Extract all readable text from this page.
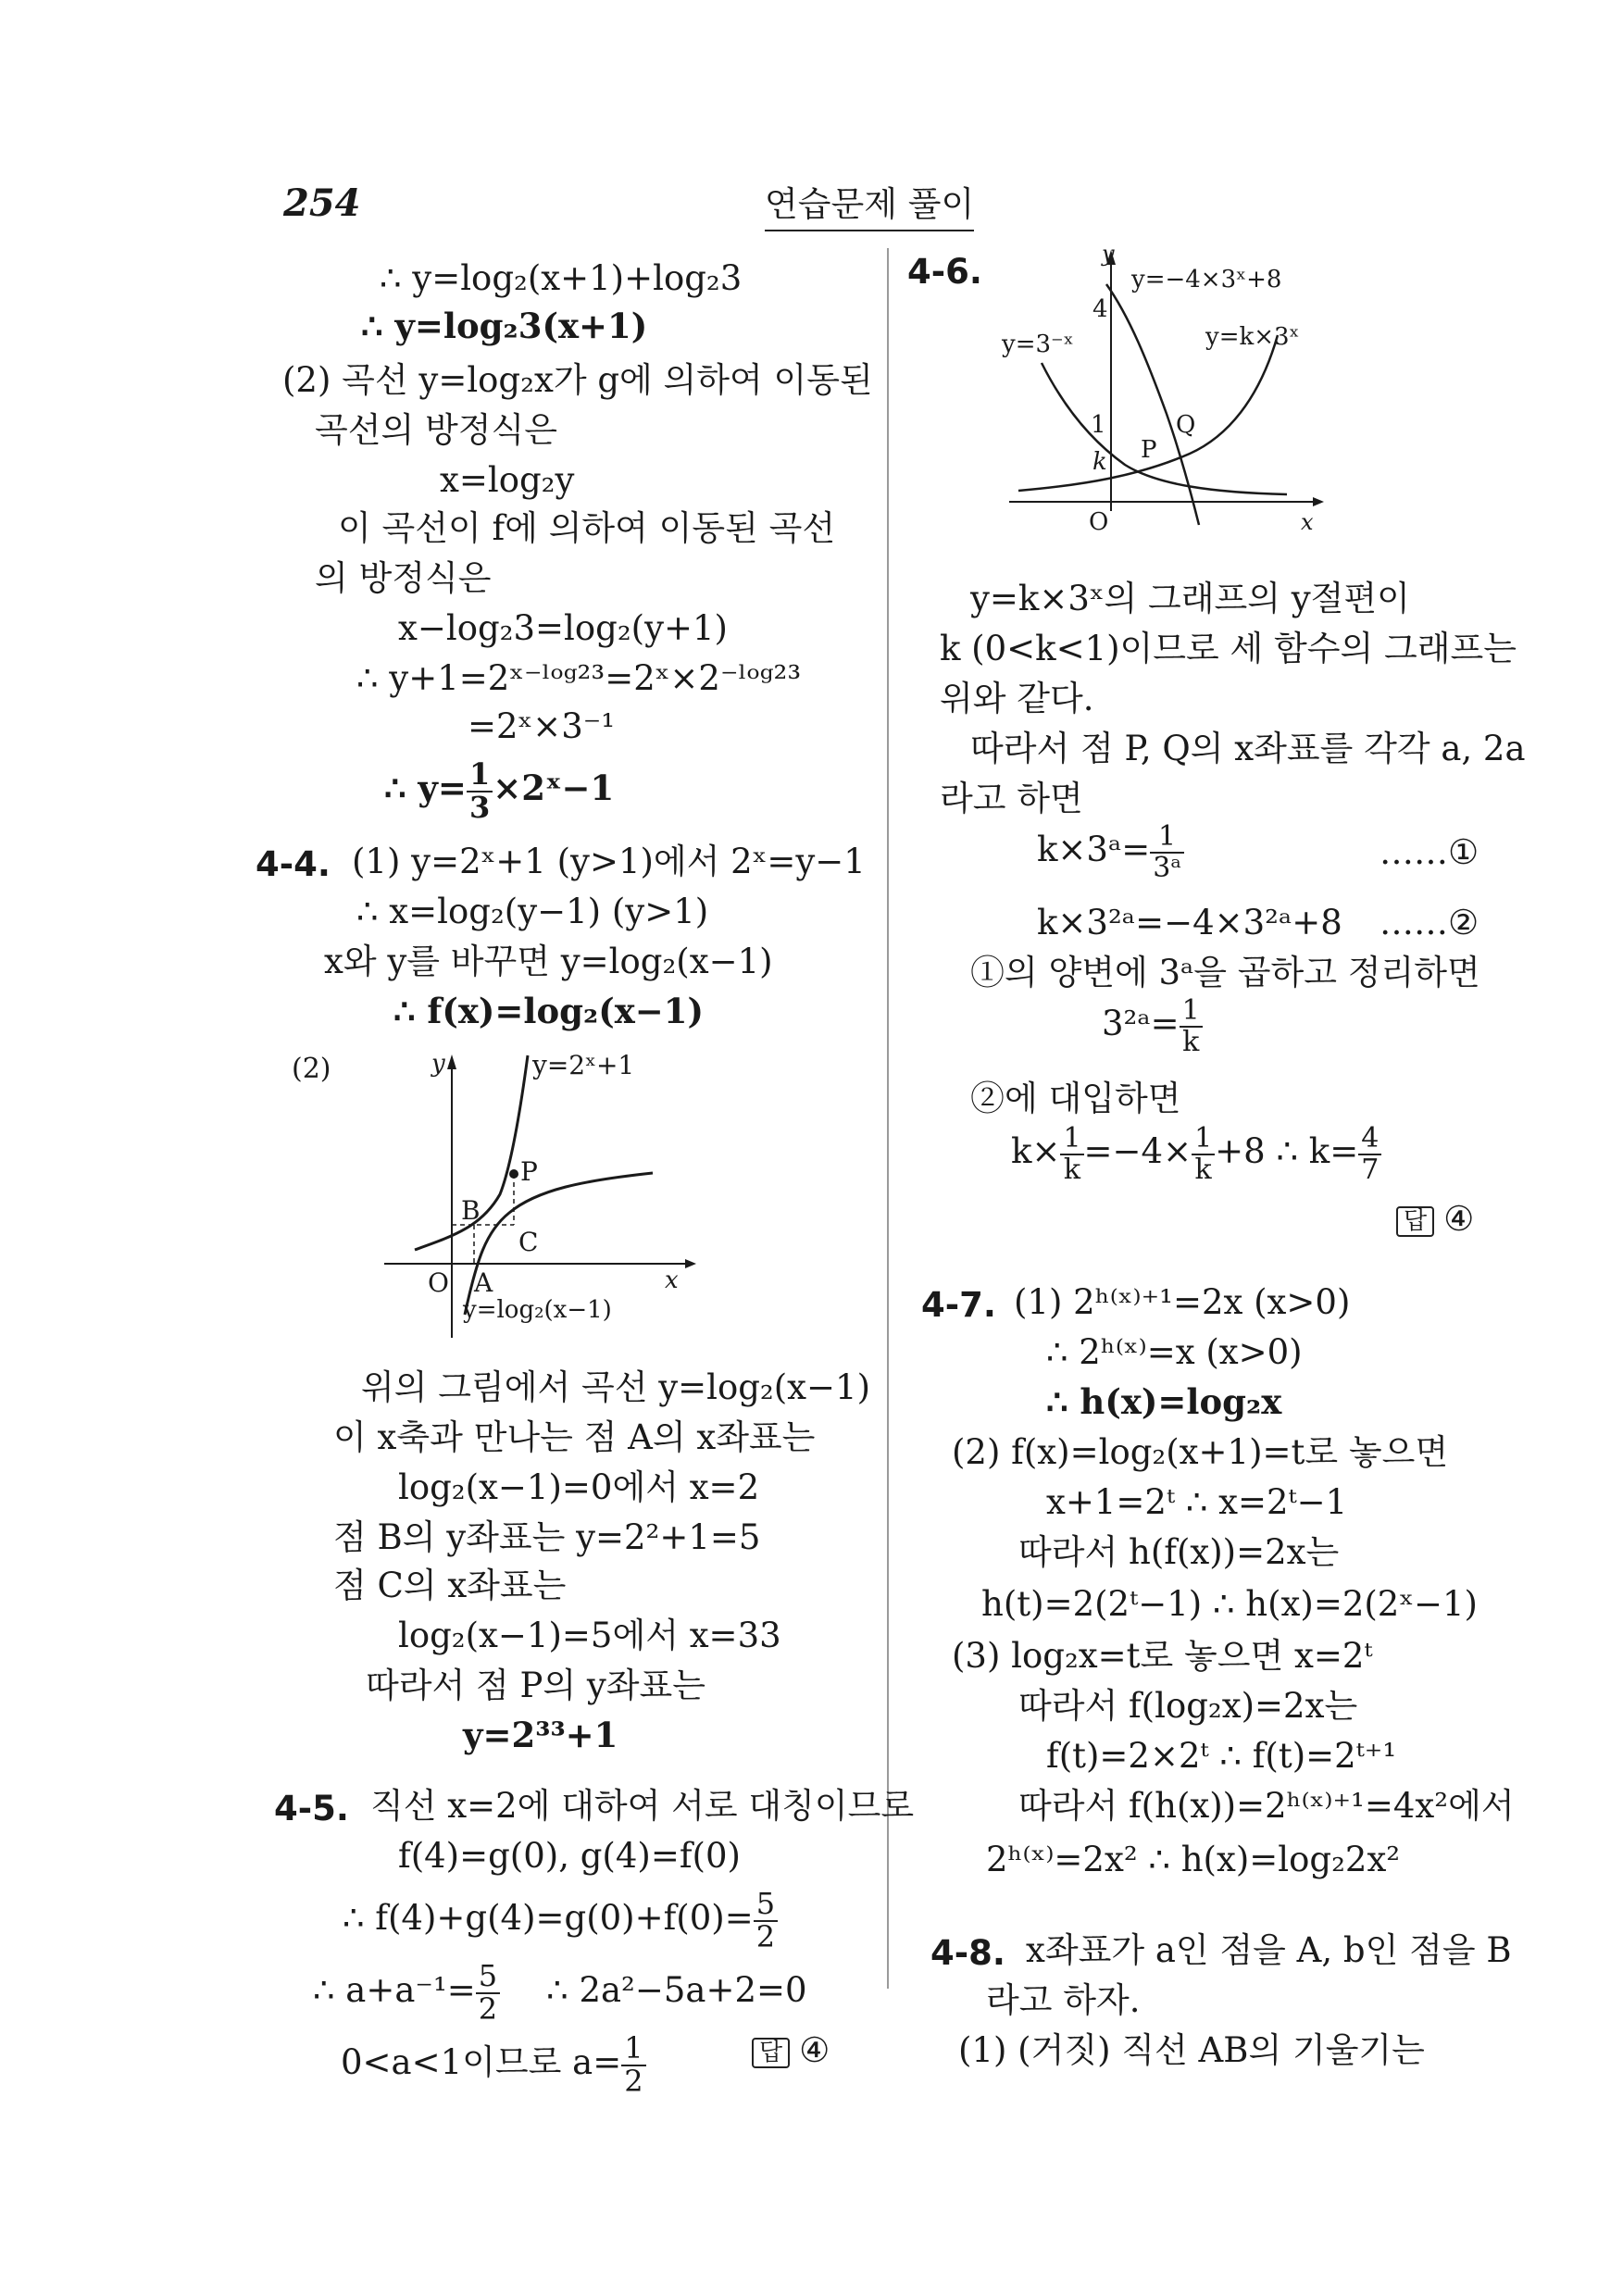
254	연습문제 풀이
∴ y=log₂(x+1)+log₂3
∴ y=log₂3(x+1)
(2) 곡선 y=log₂x가 g에 의하여 이동된
곡선의 방정식은
x=log₂y
이 곡선이 f에 의하여 이동된 곡선
의 방정식은
x−log₂3=log₂(y+1)
∴ y+1=2ˣ⁻ˡᵒᵍ²³=2ˣ×2⁻ˡᵒᵍ²³
=2ˣ×3⁻¹
∴ $y= \frac{1}{3}$ ×2ˣ−1
4-4. (1) y=2ˣ+1 (y>1)에서 2ˣ=y−1
∴ x=log₂(y−1) (y>1)
x와 y를 바꾸면 y=log₂(x−1)
∴ f(x)=log₂(x−1)
(2)	y	y=2ˣ+1
P
B
C
O A	x
y=log₂(x−1)
위의 그림에서 곡선 y=log₂(x−1)
이 x축과 만나는 점 A의 x좌표는
log₂(x−1)=0에서 x=2
점 B의 y좌표는 y=2²+1=5
점 C의 x좌표는
log₂(x−1)=5에서 x=33
따라서 점 P의 y좌표는
y=2³³+1
4-5. 직선 x=2에 대하여 서로 대칭이므로
f(4)=g(0), g(4)=f(0)
∴ $f(4)+g(4)=g(0)+f(0)= \frac{5}{2}$
∴ $a+a^{-1}= \frac{5}{2}$ ∴ 2a²−5a+2=0
0<a<1이므로 $a= \frac{1}{2}$	답 ④
4-6.	y
y=−4×3ˣ+8
4
y=3⁻ˣ	y=k×3ˣ
1
k P
Q
O	x
y=k×3ˣ의 그래프의 y절편이
k (0<k<1)이므로 세 함수의 그래프는
위와 같다.
따라서 점 P, Q의 x좌표를 각각 a, 2a
라고 하면
k×3ᵃ= $\frac{1}{\text{3ᵃ}}$	……①
k×3²ᵃ=−4×3²ᵃ+8 ……②
①의 양변에 3ᵃ을 곱하고 정리하면
3²ᵃ= $\frac{1}{k}$
②에 대입하면
$k\times \frac{1}{k} =-4\times \frac{1}{k} +8$ ∴ $k= \frac{4}{7}$
답 ④
4-7. (1) 2ʰ⁽ˣ⁾⁺¹=2x (x>0)
∴ 2ʰ⁽ˣ⁾=x (x>0)
∴ h(x)=log₂x
(2) f(x)=log₂(x+1)=t로 놓으면
x+1=2ᵗ ∴ x=2ᵗ−1
따라서 h(f(x))=2x는
h(t)=2(2ᵗ−1) ∴ h(x)=2(2ˣ−1)
(3) log₂x=t로 놓으면 x=2ᵗ
따라서 f(log₂x)=2x는
f(t)=2×2ᵗ ∴ f(t)=2ᵗ⁺¹
따라서 f(h(x))=2ʰ⁽ˣ⁾⁺¹=4x²에서
2ʰ⁽ˣ⁾=2x² ∴ h(x)=log₂2x²
4-8. x좌표가 a인 점을 A, b인 점을 B
라고 하자.
(1) (거짓) 직선 AB의 기울기는
